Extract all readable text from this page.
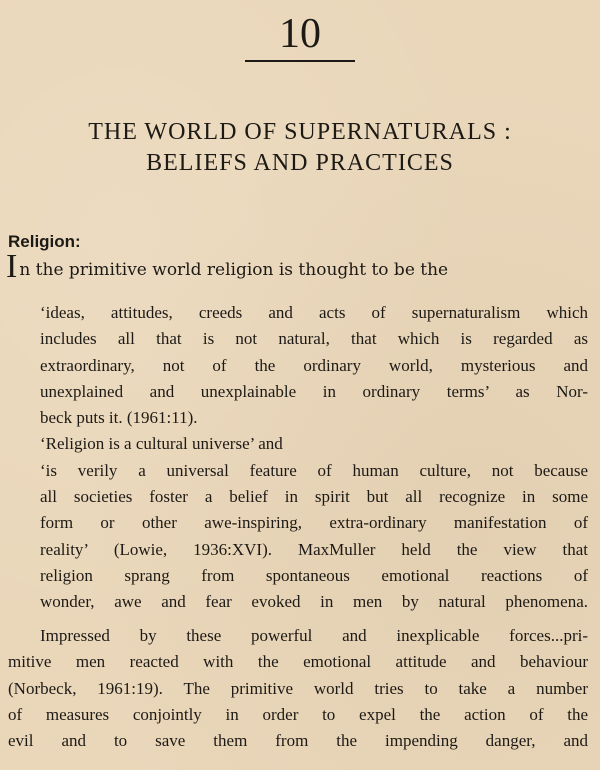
10
THE WORLD OF SUPERNATURALS :
BELIEFS AND PRACTICES
Religion:
I n the primitive world religion is thought to be the
‘ideas, attitudes, creeds and acts of supernaturalism which
includes all that is not natural, that which is regarded as
extraordinary, not of the ordinary world, mysterious and
unexplained and unexplainable in ordinary terms’ as Nor-
beck puts it. (1961:11).
‘Religion is a cultural universe’ and
‘is verily a universal feature of human culture, not because
all societies foster a belief in spirit but all recognize in some
form or other awe-inspiring, extra-ordinary manifestation of
reality’ (Lowie, 1936:XVI). MaxMuller held the view that
religion sprang from spontaneous emotional reactions of
wonder, awe and fear evoked in men by natural phenomena.
Impressed by these powerful and inexplicable forces...pri-
mitive men reacted with the emotional attitude and behaviour
(Norbeck, 1961:19). The primitive world tries to take a number
of measures conjointly in order to expel the action of the
evil and to save them from the impending danger, and
